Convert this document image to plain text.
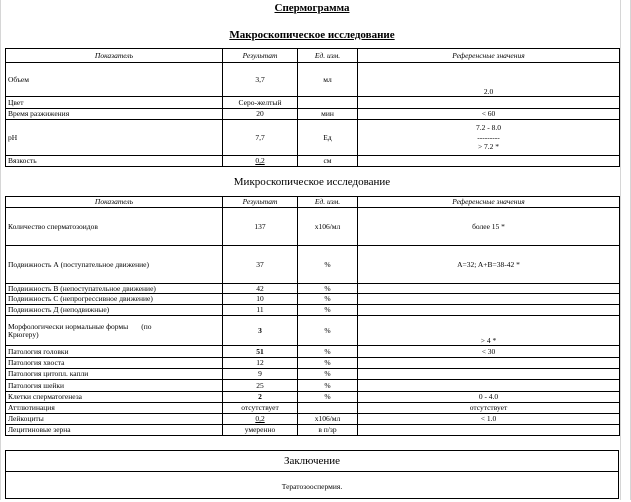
Спермограмма
Макроскопическое исследование
Показатель	Результат	Ед. изм.	Референсные значения
Объем	3,7	мл	2.0
Цвет	Серо-желтый		
Время разжижения	20	мин	< 60
pH	7,7	Ед	7.2 - 8.0
---------
> 7.2 *

Вязкость	0,2	см	
Микроскопическое исследование
Показатель	Результат	Ед. изм.	Референсные значения
Количество сперматозоидов	137	х106/мл	более 15 *
Подвижность А (поступательное движение)	37	%	A=32; A+B=38-42 *
Подвижность В (непоступательное движение)	42	%	
Подвижность С (непрогрессивное движение)	10	%	
Подвижность Д (неподвижные)	11	%	

Морфологически нормальные формы       (по
Крюгеру)	3	%	> 4 *
Патология головки	51	%	< 30
Патология хвоста	12	%	
Патология цитопл. капли	9	%	
Патология шейки	25	%	
Клетки сперматогенеза	2	%	0 - 4.0
Аттлютинация	отсутствует		отсутствует
Лейкоциты	0,2	х106/мл	< 1.0
Лецитиновые зерна	умеренно	в п/зр	
Заключение
Тератозооспермия.
